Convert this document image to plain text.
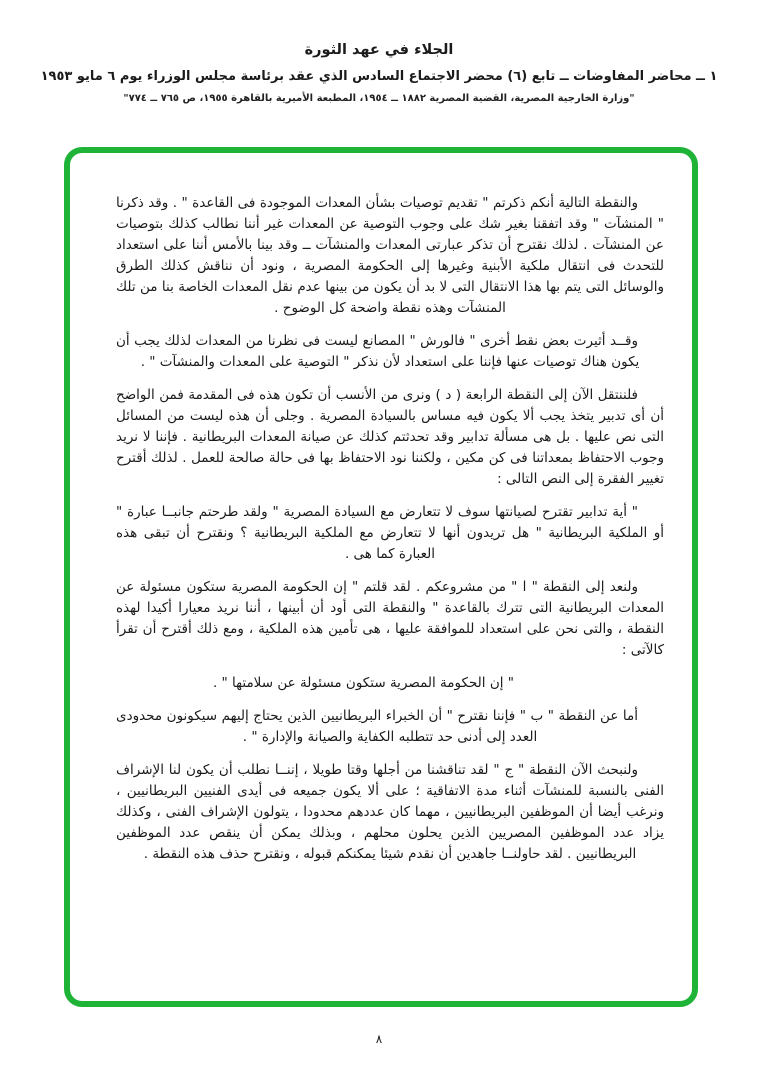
الجلاء في عهد الثورة
١ ــ محاضر المفاوضات ــ تابع (٦) محضر الاجتماع السادس الذي عقد برئاسة مجلس الوزراء يوم ٦ مايو ١٩٥٣
"وزارة الخارجية المصرية، القضية المصرية ١٨٨٢ ــ ١٩٥٤، المطبعة الأميرية بالقاهرة ١٩٥٥، ص ٧٦٥ ــ ٧٧٤"

والنقطة التالية أنكم ذكرتم " تقديم توصيات بشأن المعدات الموجودة فى القاعدة " . وقد ذكرنا " المنشآت " وقد اتفقنا بغير شك على وجوب التوصية عن المعدات غير أننا نطالب كذلك بتوصيات عن المنشآت . لذلك نقترح أن تذكر عبارتى المعدات والمنشآت ــ وقد بينا بالأمس أننا على استعداد للتحدث فى انتقال ملكية الأبنية وغيرها إلى الحكومة المصرية ، ونود أن نناقش كذلك الطرق والوسائل التى يتم بها هذا الانتقال التى لا بد أن يكون من بينها عدم نقل المعدات الخاصة بنا من تلك المنشآت وهذه نقطة واضحة كل الوضوح .

وقــد أثيرت بعض نقط أخرى " فالورش " المصانع ليست فى نظرنا من المعدات لذلك يجب أن يكون هناك توصيات عنها فإننا على استعداد لأن نذكر " التوصية على المعدات والمنشآت " .

فلننتقل الآن إلى النقطة الرابعة ( د ) ونرى من الأنسب أن تكون هذه فى المقدمة فمن الواضح أن أى تدبير يتخذ يجب ألا يكون فيه مساس بالسيادة المصرية . وجلى أن هذه ليست من المسائل التى نص عليها . بل هى مسألة تدابير وقد تحدثتم كذلك عن صيانة المعدات البريطانية . فإننا لا نريد وجوب الاحتفاظ بمعداتنا فى كن مكين ، ولكننا نود الاحتفاظ بها فى حالة صالحة للعمل . لذلك أقترح تغيير الفقرة إلى النص التالى :

" أية تدابير تقترح لصيانتها سوف لا تتعارض مع السيادة المصرية " ولقد طرحتم جانبــا عبارة " أو الملكية البريطانية " هل تريدون أنها لا تتعارض مع الملكية البريطانية ؟ ونقترح أن تبقى هذه العبارة كما هى .

ولنعد إلى النقطة " ا " من مشروعكم . لقد قلتم " إن الحكومة المصرية ستكون مسئولة عن المعدات البريطانية التى تترك بالقاعدة " والنقطة التى أود أن أبينها ، أننا نريد معيارا أكيدا لهذه النقطة ، والتى نحن على استعداد للموافقة عليها ، هى تأمين هذه الملكية ، ومع ذلك أقترح أن تقرأ كالآتى :

" إن الحكومة المصرية ستكون مسئولة عن سلامتها " .

أما عن النقطة " ب " فإننا نقترح " أن الخبراء البريطانيين الذين يحتاج إليهم سيكونون محدودى العدد إلى أدنى حد تتطلبه الكفاية والصيانة والإدارة " .

ولنبحث الآن النقطة " ج " لقد تناقشنا من أجلها وقتا طويلا ، إننــا نطلب أن يكون لنا الإشراف الفنى بالنسبة للمنشآت أثناء مدة الاتفاقية ؛ على ألا يكون جميعه فى أيدى الفنيين البريطانيين ، ونرغب أيضا أن الموظفين البريطانيين ، مهما كان عددهم محدودا ، يتولون الإشراف الفنى ، وكذلك يزاد عدد الموظفين المصريين الذين يحلون محلهم ، وبذلك يمكن أن ينقص عدد الموظفين البريطانيين . لقد حاولنــا جاهدين أن نقدم شيئا يمكنكم قبوله ، ونقترح حذف هذه النقطة .

٨
